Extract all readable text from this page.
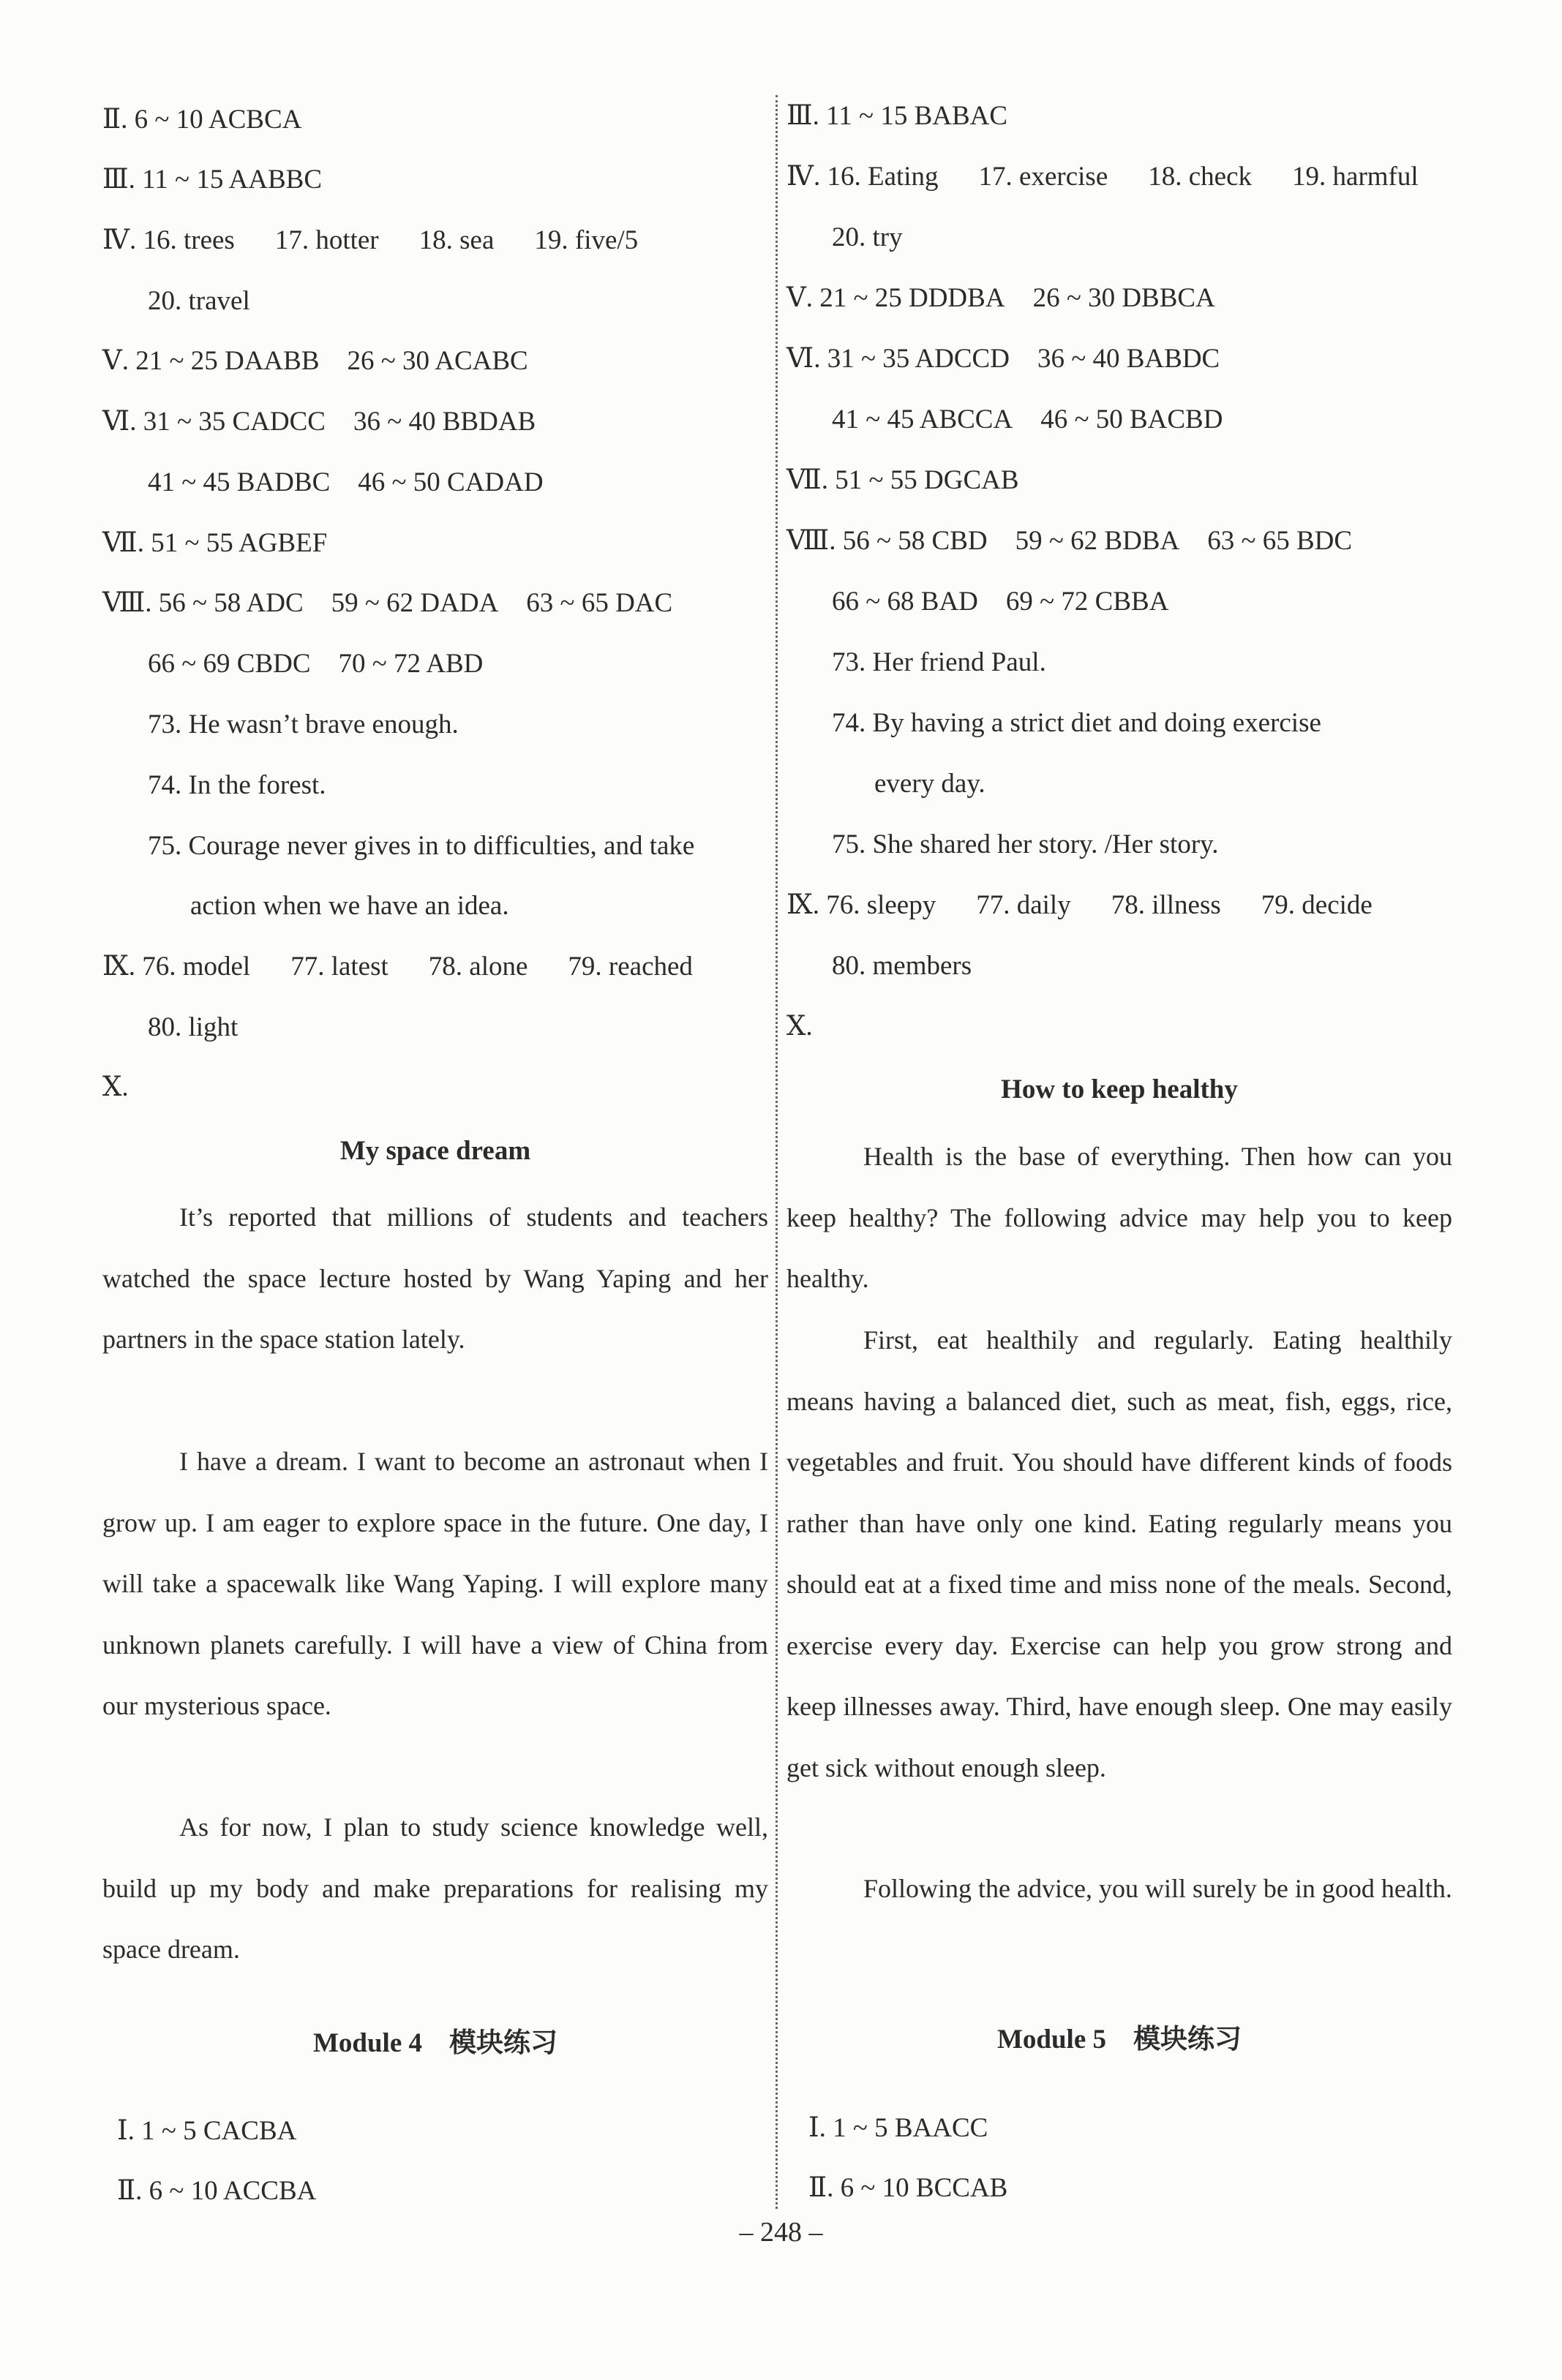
Ⅱ. 6 ~ 10 ACBCA
Ⅲ. 11 ~ 15 AABBC
Ⅳ. 16. trees 17. hotter 18. sea 19. five/5
20. travel
Ⅴ. 21 ~ 25 DAABB 26 ~ 30 ACABC
Ⅵ. 31 ~ 35 CADCC 36 ~ 40 BBDAB
41 ~ 45 BADBC 46 ~ 50 CADAD
Ⅶ. 51 ~ 55 AGBEF
Ⅷ. 56 ~ 58 ADC 59 ~ 62 DADA 63 ~ 65 DAC
66 ~ 69 CBDC 70 ~ 72 ABD
73. He wasn’t brave enough.
74. In the forest.
75. Courage never gives in to difficulties, and take
action when we have an idea.
Ⅸ. 76. model 77. latest 78. alone 79. reached
80. light
Ⅹ.
My space dream
It’s reported that millions of students and teachers watched the space lecture hosted by Wang Yaping and her partners in the space station lately.
I have a dream. I want to become an astronaut when I grow up. I am eager to explore space in the future. One day, I will take a spacewalk like Wang Yaping. I will explore many unknown planets carefully. I will have a view of China from our mysterious space.
As for now, I plan to study science knowledge well, build up my body and make preparations for realising my space dream.
Module 4　模块练习
Ⅰ. 1 ~ 5 CACBA
Ⅱ. 6 ~ 10 ACCBA
Ⅲ. 11 ~ 15 BABAC
Ⅳ. 16. Eating 17. exercise 18. check 19. harmful
20. try
Ⅴ. 21 ~ 25 DDDBA 26 ~ 30 DBBCA
Ⅵ. 31 ~ 35 ADCCD 36 ~ 40 BABDC
41 ~ 45 ABCCA 46 ~ 50 BACBD
Ⅶ. 51 ~ 55 DGCAB
Ⅷ. 56 ~ 58 CBD 59 ~ 62 BDBA 63 ~ 65 BDC
66 ~ 68 BAD 69 ~ 72 CBBA
73. Her friend Paul.
74. By having a strict diet and doing exercise
every day.
75. She shared her story. /Her story.
Ⅸ. 76. sleepy 77. daily 78. illness 79. decide
80. members
Ⅹ.
How to keep healthy
Health is the base of everything. Then how can you keep healthy? The following advice may help you to keep healthy.
First, eat healthily and regularly. Eating healthily means having a balanced diet, such as meat, fish, eggs, rice, vegetables and fruit. You should have different kinds of foods rather than have only one kind. Eating regularly means you should eat at a fixed time and miss none of the meals. Second, exercise every day. Exercise can help you grow strong and keep illnesses away. Third, have enough sleep. One may easily get sick without enough sleep.
Following the advice, you will surely be in good health.
Module 5　模块练习
Ⅰ. 1 ~ 5 BAACC
Ⅱ. 6 ~ 10 BCCAB
– 248 –
